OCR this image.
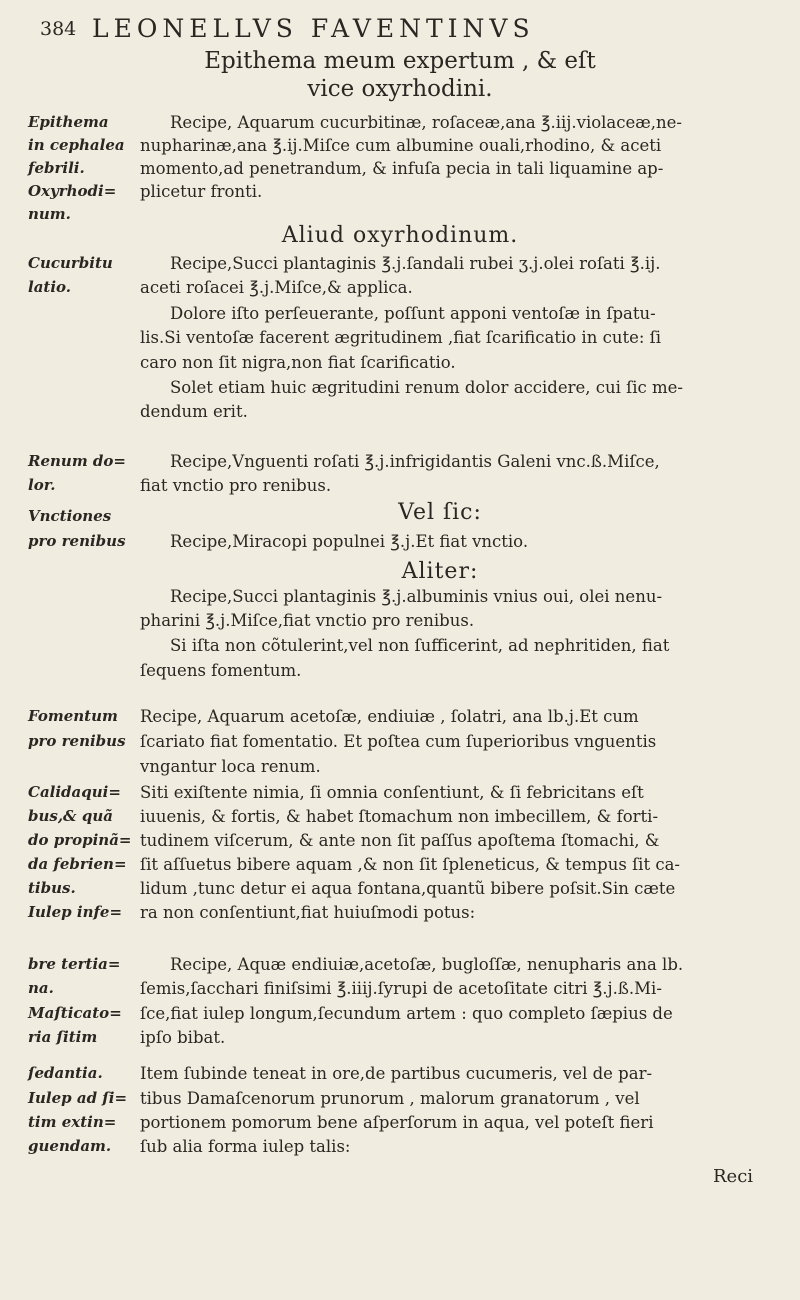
384 LEONELLVS FAVENTINVS
Epithema meum expertum , & eſt
vice oxyrhodini.
Aliud oxyrhodinum.
Vel ſic:
Aliter:
Epithema
in cephalea
febrili.
Oxyrhodi=
num.
Cucurbitu
latio.
Renum do=
lor.
Vnctiones
pro renibus
Fomentum
pro renibus
Calidaqui=
bus,& quã
do propinã=
da febrien=
tibus.
Iulep infe=
bre tertia=
na.
Maſticato=
ria ſitim
ſedantia.
Iulep ad ſi=
tim extin=
guendam.
Recipe, Aquarum cucurbitinæ, roſaceæ,ana ℥.iij.violaceæ,ne-
nupharinæ,ana ℥.ij.Miſce cum albumine ouali,rhodino, & aceti
momento,ad penetrandum, & infuſa pecia in tali liquamine ap-
plicetur fronti.
Recipe,Succi plantaginis ℥.j.ſandali rubei ʒ.j.olei roſati ℥.ij.
aceti roſacei ℥.j.Miſce,& applica.
Dolore iſto perſeuerante, poſſunt apponi ventoſæ in ſpatu-
lis.Si ventoſæ facerent ægritudinem ,fiat ſcarificatio in cute: ſi
caro non ſit nigra,non fiat ſcarificatio.
Solet etiam huic ægritudini renum dolor accidere, cui ſic me-
dendum erit.
Recipe,Vnguenti roſati ℥.j.infrigidantis Galeni vnc.ß.Miſce,
fiat vnctio pro renibus.
Recipe,Miracopi populnei ℥.j.Et fiat vnctio.
Recipe,Succi plantaginis ℥.j.albuminis vnius oui, olei nenu-
pharini ℥.j.Miſce,fiat vnctio pro renibus.
Si iſta non cõtulerint,vel non ſufficerint, ad nephritiden, fiat
ſequens fomentum.
Recipe, Aquarum acetoſæ, endiuiæ , ſolatri, ana lb.j.Et cum
ſcariato fiat fomentatio. Et poſtea cum ſuperioribus vnguentis
vngantur loca renum.
Siti exiſtente nimia, ſi omnia conſentiunt, & ſi febricitans eſt
iuuenis, & fortis, & habet ſtomachum non imbecillem, & forti-
tudinem viſcerum, & ante non ſit paſſus apoſtema ſtomachi, &
ſit aſſuetus bibere aquam ,& non ſit ſpleneticus, & tempus ſit ca-
lidum ,tunc detur ei aqua fontana,quantũ bibere poſsit.Sin cæte
ra non conſentiunt,fiat huiuſmodi potus:
Recipe, Aquæ endiuiæ,acetoſæ, bugloſſæ, nenupharis ana lb.
ſemis,ſacchari finiſsimi ℥.iiij.ſyrupi de acetoſitate citri ℥.j.ß.Mi-
ſce,fiat iulep longum,ſecundum artem : quo completo ſæpius de
ipſo bibat.
Item ſubinde teneat in ore,de partibus cucumeris, vel de par-
tibus Damaſcenorum prunorum , malorum granatorum , vel
portionem pomorum bene aſperſorum in aqua, vel poteſt fieri
ſub alia forma iulep talis:
Reci
